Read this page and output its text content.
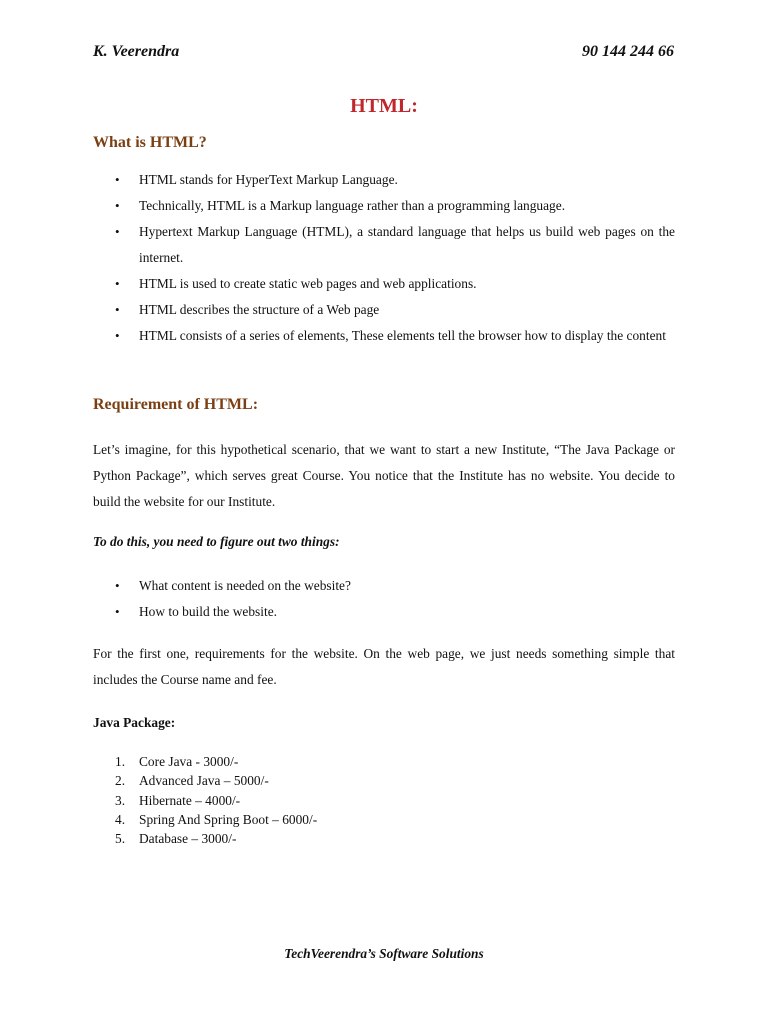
K. Veerendra	90 144 244 66
HTML:
What is HTML?
• HTML stands for HyperText Markup Language.
• Technically, HTML is a Markup language rather than a programming language.
• Hypertext Markup Language (HTML), a standard language that helps us build web pages on the internet.
• HTML is used to create static web pages and web applications.
• HTML describes the structure of a Web page
• HTML consists of a series of elements, These elements tell the browser how to display the content
Requirement of HTML:

Let’s imagine, for this hypothetical scenario, that we want to start a new Institute, “The Java Package or Python Package”, which serves great Course. You notice that the Institute has no website. You decide to build the website for our Institute.

To do this, you need to figure out two things:
• What content is needed on the website?
• How to build the website.

For the first one, requirements for the website. On the web page, we just needs something simple that includes the Course name and fee.

Java Package:
1. Core Java - 3000/-
2. Advanced Java – 5000/-
3. Hibernate – 4000/-
4. Spring And Spring Boot – 6000/-
5. Database – 3000/-
TechVeerendra’s Software Solutions
